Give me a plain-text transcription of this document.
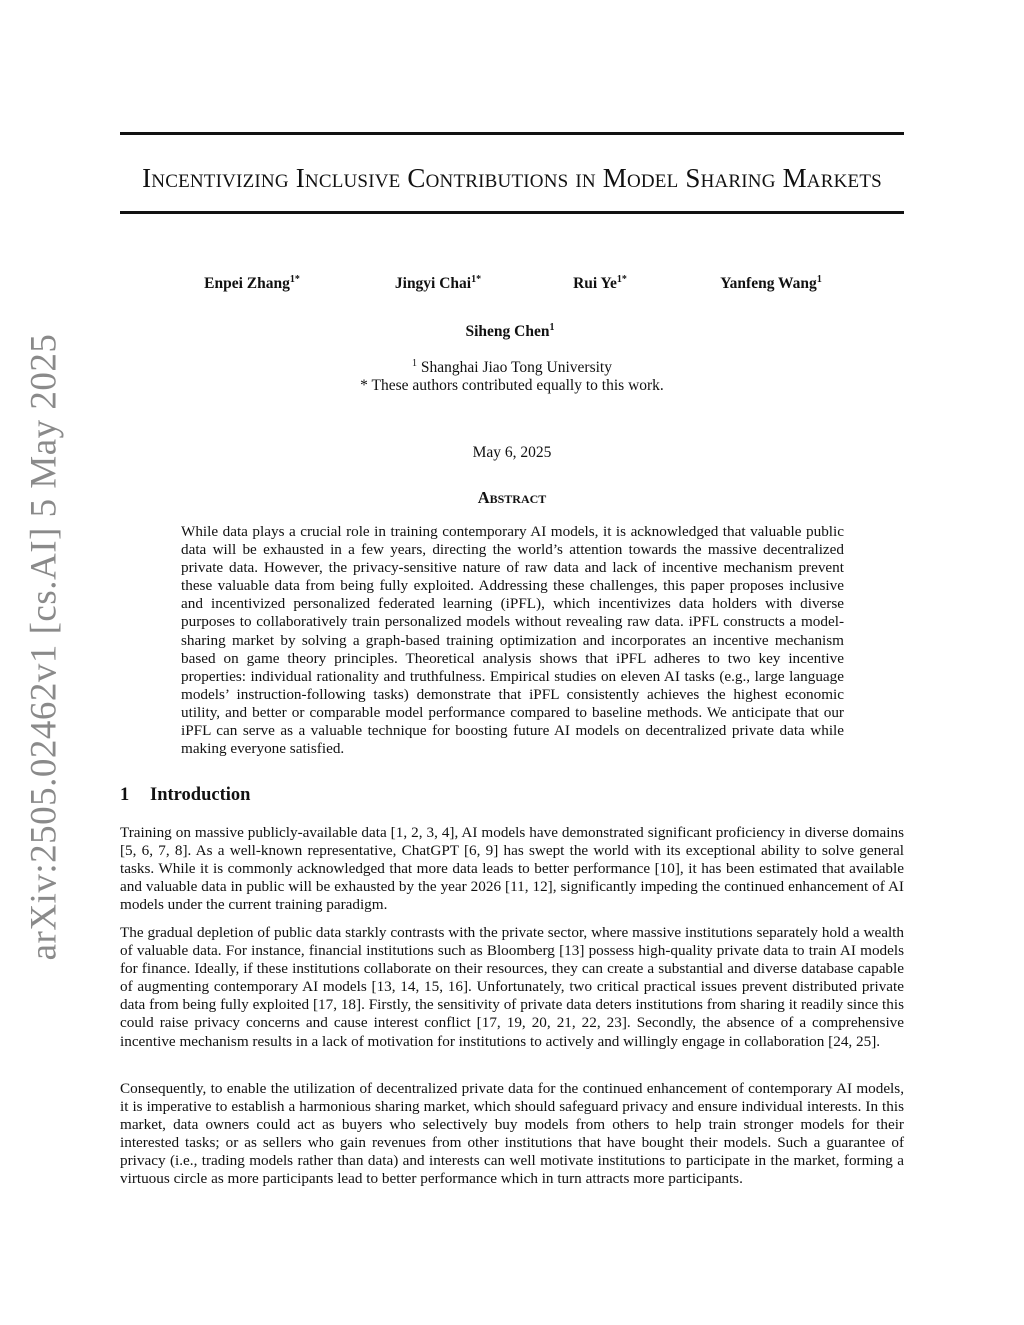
arXiv:2505.02462v1 [cs.AI] 5 May 2025
Incentivizing Inclusive Contributions in Model Sharing Markets
Enpei Zhang$^{1*}$	Jingyi Chai$^{1*}$	Rui $Ye^{1*}$	Yanfeng Wang$^1$
Siheng Chen$^1$
$^1$ Shanghai Jiao Tong University
* These authors contributed equally to this work.
May 6, 2025
Abstract

While data plays a crucial role in training contemporary AI models, it is acknowledged that valuable public data will be exhausted in a few years, directing the world’s attention towards the massive decentralized private data. However, the privacy-sensitive nature of raw data and lack of incentive mechanism prevent these valuable data from being fully exploited. Addressing these challenges, this paper proposes inclusive and incentivized personalized federated learning (iPFL), which incentivizes data holders with diverse purposes to collaboratively train personalized models without revealing raw data. iPFL constructs a model-sharing market by solving a graph-based training optimization and incorporates an incentive mechanism based on game theory principles. Theoretical analysis shows that iPFL adheres to two key incentive properties: individual rationality and truthfulness. Empirical studies on eleven AI tasks (e.g., large language models’ instruction-following tasks) demonstrate that iPFL consistently achieves the highest economic utility, and better or comparable model performance compared to baseline methods. We anticipate that our iPFL can serve as a valuable technique for boosting future AI models on decentralized private data while making everyone satisfied.

1 Introduction

Training on massive publicly-available data [1, 2, 3, 4], AI models have demonstrated significant proficiency in diverse domains [5, 6, 7, 8]. As a well-known representative, ChatGPT [6, 9] has swept the world with its exceptional ability to solve general tasks. While it is commonly acknowledged that more data leads to better performance [10], it has been estimated that available and valuable data in public will be exhausted by the year 2026 [11, 12], significantly impeding the continued enhancement of AI models under the current training paradigm.

The gradual depletion of public data starkly contrasts with the private sector, where massive institutions separately hold a wealth of valuable data. For instance, financial institutions such as Bloomberg [13] possess high-quality private data to train AI models for finance. Ideally, if these institutions collaborate on their resources, they can create a substantial and diverse database capable of augmenting contemporary AI models [13, 14, 15, 16]. Unfortunately, two critical practical issues prevent distributed private data from being fully exploited [17, 18]. Firstly, the sensitivity of private data deters institutions from sharing it readily since this could raise privacy concerns and cause interest conflict [17, 19, 20, 21, 22, 23]. Secondly, the absence of a comprehensive incentive mechanism results in a lack of motivation for institutions to actively and willingly engage in collaboration [24, 25].

Consequently, to enable the utilization of decentralized private data for the continued enhancement of contemporary AI models, it is imperative to establish a harmonious sharing market, which should safeguard privacy and ensure individual interests. In this market, data owners could act as buyers who selectively buy models from others to help train stronger models for their interested tasks; or as sellers who gain revenues from other institutions that have bought their models. Such a guarantee of privacy (i.e., trading models rather than data) and interests can well motivate institutions to participate in the market, forming a virtuous circle as more participants lead to better performance which in turn attracts more participants.
